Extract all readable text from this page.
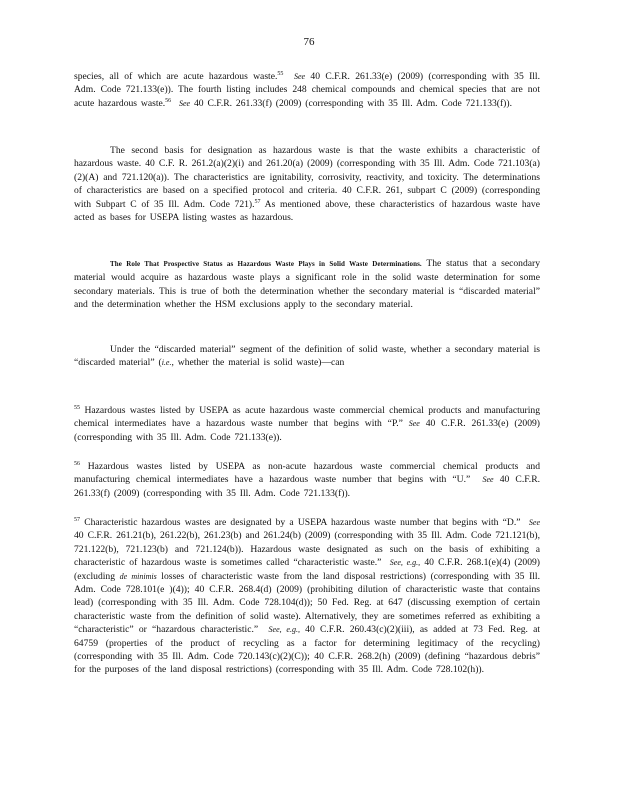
76

species, all of which are acute hazardous waste.$^{55}$ See 40 C.F.R. 261.33(e) (2009) (corresponding with 35 Ill. Adm. Code 721.133(e)). The fourth listing includes 248 chemical compounds and chemical species that are not acute hazardous waste.$^{56}$ See 40 C.F.R. 261.33(f) (2009) (corresponding with 35 Ill. Adm. Code 721.133(f)).

The second basis for designation as hazardous waste is that the waste exhibits a characteristic of hazardous waste. 40 C.F. R. 261.2(a)(2)(i) and 261.20(a) (2009) (corresponding with 35 Ill. Adm. Code 721.103(a)(2)(A) and 721.120(a)). The characteristics are ignitability, corrosivity, reactivity, and toxicity. The determinations of characteristics are based on a specified protocol and criteria. 40 C.F.R. 261, subpart C (2009) (corresponding with Subpart C of 35 Ill. Adm. Code 721).$^{57}$ As mentioned above, these characteristics of hazardous waste have acted as bases for USEPA listing wastes as hazardous.

The Role That Prospective Status as Hazardous Waste Plays in Solid Waste Determinations. The status that a secondary material would acquire as hazardous waste plays a significant role in the solid waste determination for some secondary materials. This is true of both the determination whether the secondary material is “discarded material” and the determination whether the HSM exclusions apply to the secondary material.

Under the “discarded material” segment of the definition of solid waste, whether a secondary material is “discarded material” (i.e., whether the material is solid waste)—can

$^{55}$ Hazardous wastes listed by USEPA as acute hazardous waste commercial chemical products and manufacturing chemical intermediates have a hazardous waste number that begins with “P.” See 40 C.F.R. 261.33(e) (2009) (corresponding with 35 Ill. Adm. Code 721.133(e)).

$^{56}$ Hazardous wastes listed by USEPA as non-acute hazardous waste commercial chemical products and manufacturing chemical intermediates have a hazardous waste number that begins with “U.” See 40 C.F.R. 261.33(f) (2009) (corresponding with 35 Ill. Adm. Code 721.133(f)).

$^{57}$ Characteristic hazardous wastes are designated by a USEPA hazardous waste number that begins with “D.” See 40 C.F.R. 261.21(b), 261.22(b), 261.23(b) and 261.24(b) (2009) (corresponding with 35 Ill. Adm. Code 721.121(b), 721.122(b), 721.123(b) and 721.124(b)). Hazardous waste designated as such on the basis of exhibiting a characteristic of hazardous waste is sometimes called “characteristic waste.” See, e.g., 40 C.F.R. 268.1(e)(4) (2009) (excluding de minimis losses of characteristic waste from the land disposal restrictions) (corresponding with 35 Ill. Adm. Code 728.101(e )(4)); 40 C.F.R. 268.4(d) (2009) (prohibiting dilution of characteristic waste that contains lead) (corresponding with 35 Ill. Adm. Code 728.104(d)); 50 Fed. Reg. at 647 (discussing exemption of certain characteristic waste from the definition of solid waste). Alternatively, they are sometimes referred as exhibiting a “characteristic” or “hazardous characteristic.” See, e.g., 40 C.F.R. 260.43(c)(2)(iii), as added at 73 Fed. Reg. at 64759 (properties of the product of recycling as a factor for determining legitimacy of the recycling) (corresponding with 35 Ill. Adm. Code 720.143(c)(2)(C)); 40 C.F.R. 268.2(h) (2009) (defining “hazardous debris” for the purposes of the land disposal restrictions) (corresponding with 35 Ill. Adm. Code 728.102(h)).
